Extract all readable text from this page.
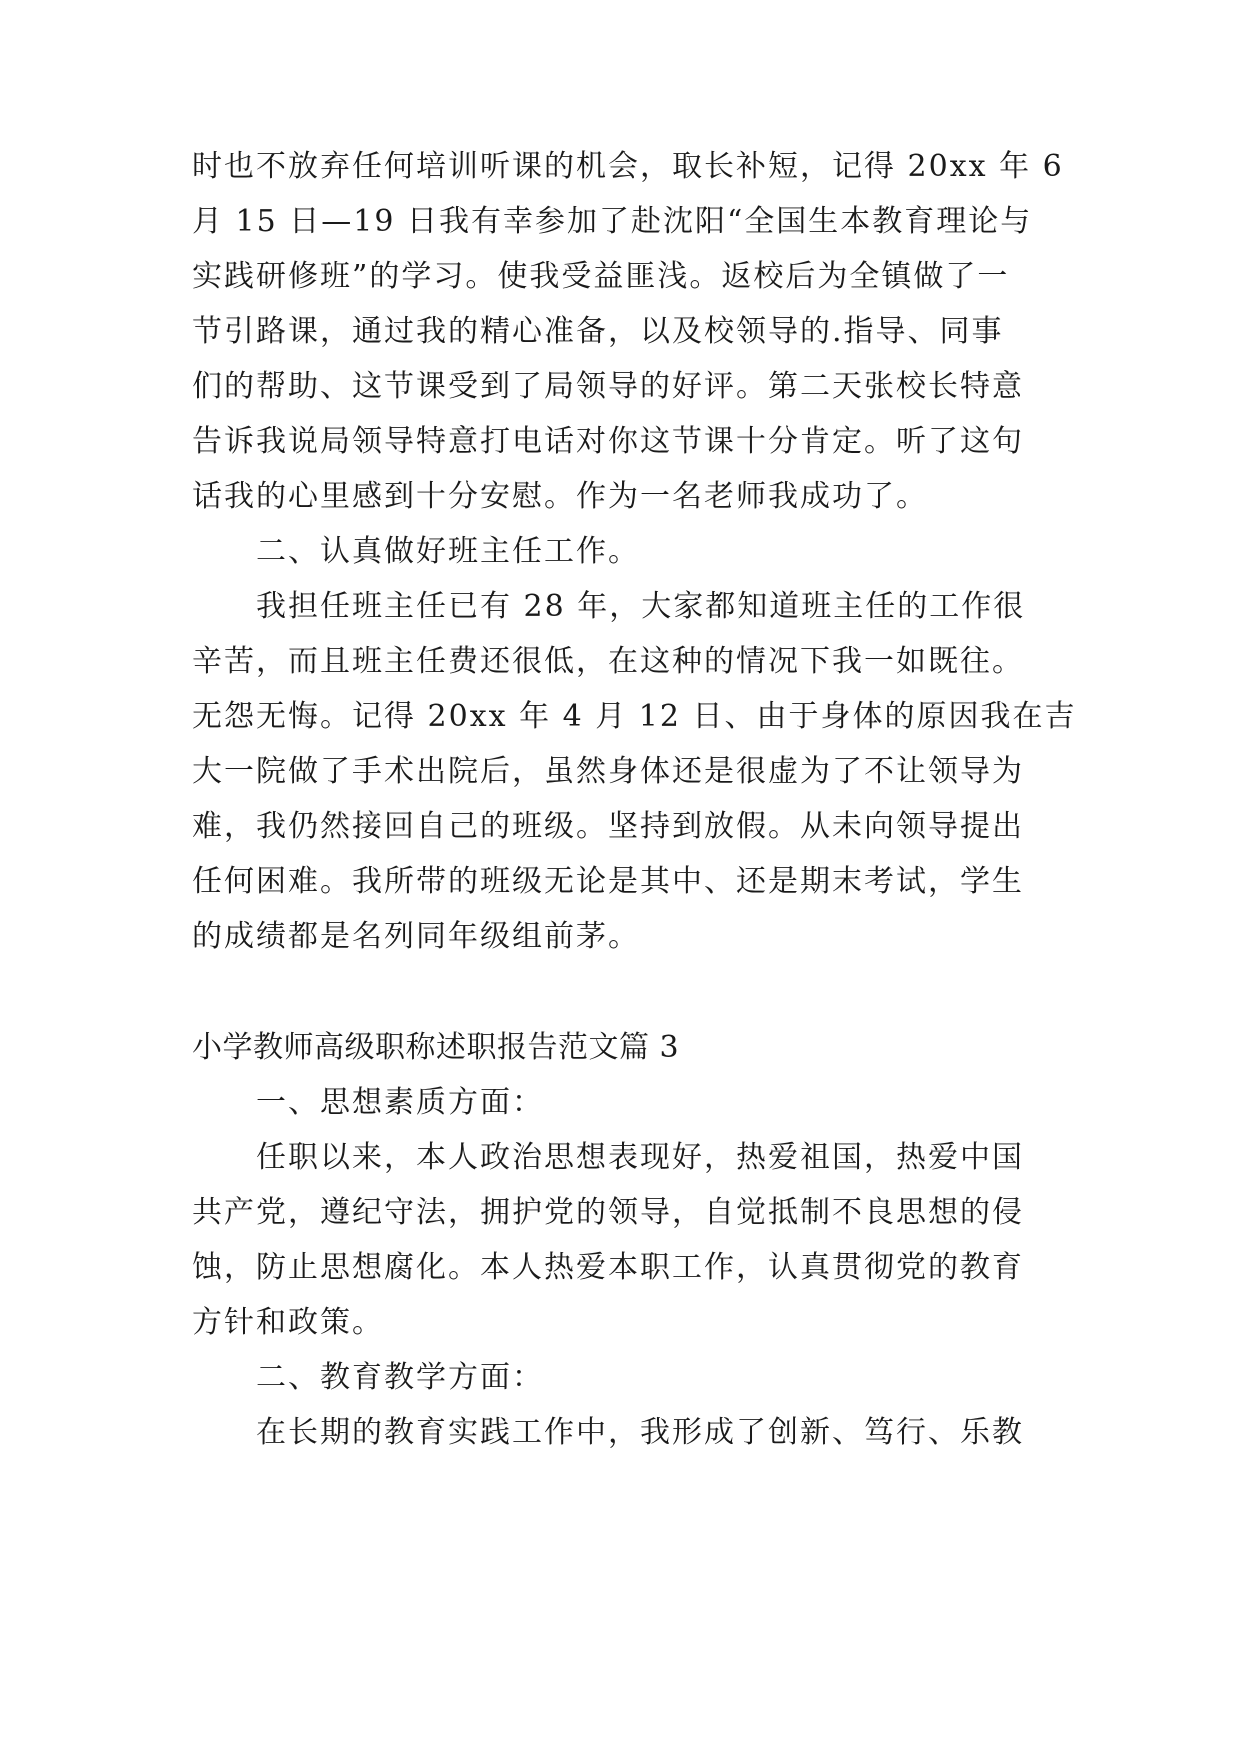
时也不放弃任何培训听课的机会，取长补短，记得 20xx 年 6

月 15 日—19 日我有幸参加了赴沈阳“全国生本教育理论与

实践研修班”的学习。使我受益匪浅。返校后为全镇做了一

节引路课，通过我的精心准备，以及校领导的.指导、同事

们的帮助、这节课受到了局领导的好评。第二天张校长特意

告诉我说局领导特意打电话对你这节课十分肯定。听了这句

话我的心里感到十分安慰。作为一名老师我成功了。

二、认真做好班主任工作。

我担任班主任已有 28 年，大家都知道班主任的工作很

辛苦，而且班主任费还很低，在这种的情况下我一如既往。

无怨无悔。记得 20xx 年 4 月 12 日、由于身体的原因我在吉

大一院做了手术出院后，虽然身体还是很虚为了不让领导为

难，我仍然接回自己的班级。坚持到放假。从未向领导提出

任何困难。我所带的班级无论是其中、还是期末考试，学生

的成绩都是名列同年级组前茅。

小学教师高级职称述职报告范文篇 3

一、思想素质方面：

任职以来，本人政治思想表现好，热爱祖国，热爱中国

共产党，遵纪守法，拥护党的领导，自觉抵制不良思想的侵

蚀，防止思想腐化。本人热爱本职工作，认真贯彻党的教育

方针和政策。

二、教育教学方面：

在长期的教育实践工作中，我形成了创新、笃行、乐教
